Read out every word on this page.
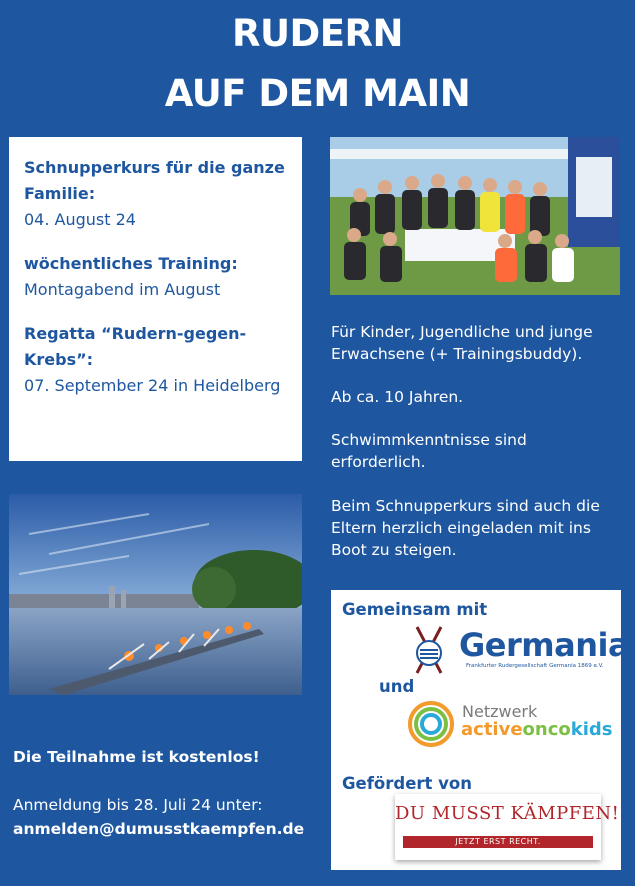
RUDERN
AUF DEM MAIN
Schnupperkurs für die ganze Familie:
04. August 24
wöchentliches Training:
Montagabend im August
Regatta “Rudern-gegen-Krebs”:
07. September 24 in Heidelberg
Für Kinder, Jugendliche und junge Erwachsene (+ Trainingsbuddy).
Ab ca. 10 Jahren.
Schwimmkenntnisse sind erforderlich.
Beim Schnupperkurs sind auch die Eltern herzlich eingeladen mit ins Boot zu steigen.
Gemeinsam mit
Germania
Frankfurter Rudergesellschaft Germania 1869 e.V.
und
Netzwerk
activeoncokids
Gefördert von
DU MUSST KÄMPFEN!
JETZT ERST RECHT.
Die Teilnahme ist kostenlos!
Anmeldung bis 28. Juli 24 unter:
anmelden@dumusstkaempfen.de
